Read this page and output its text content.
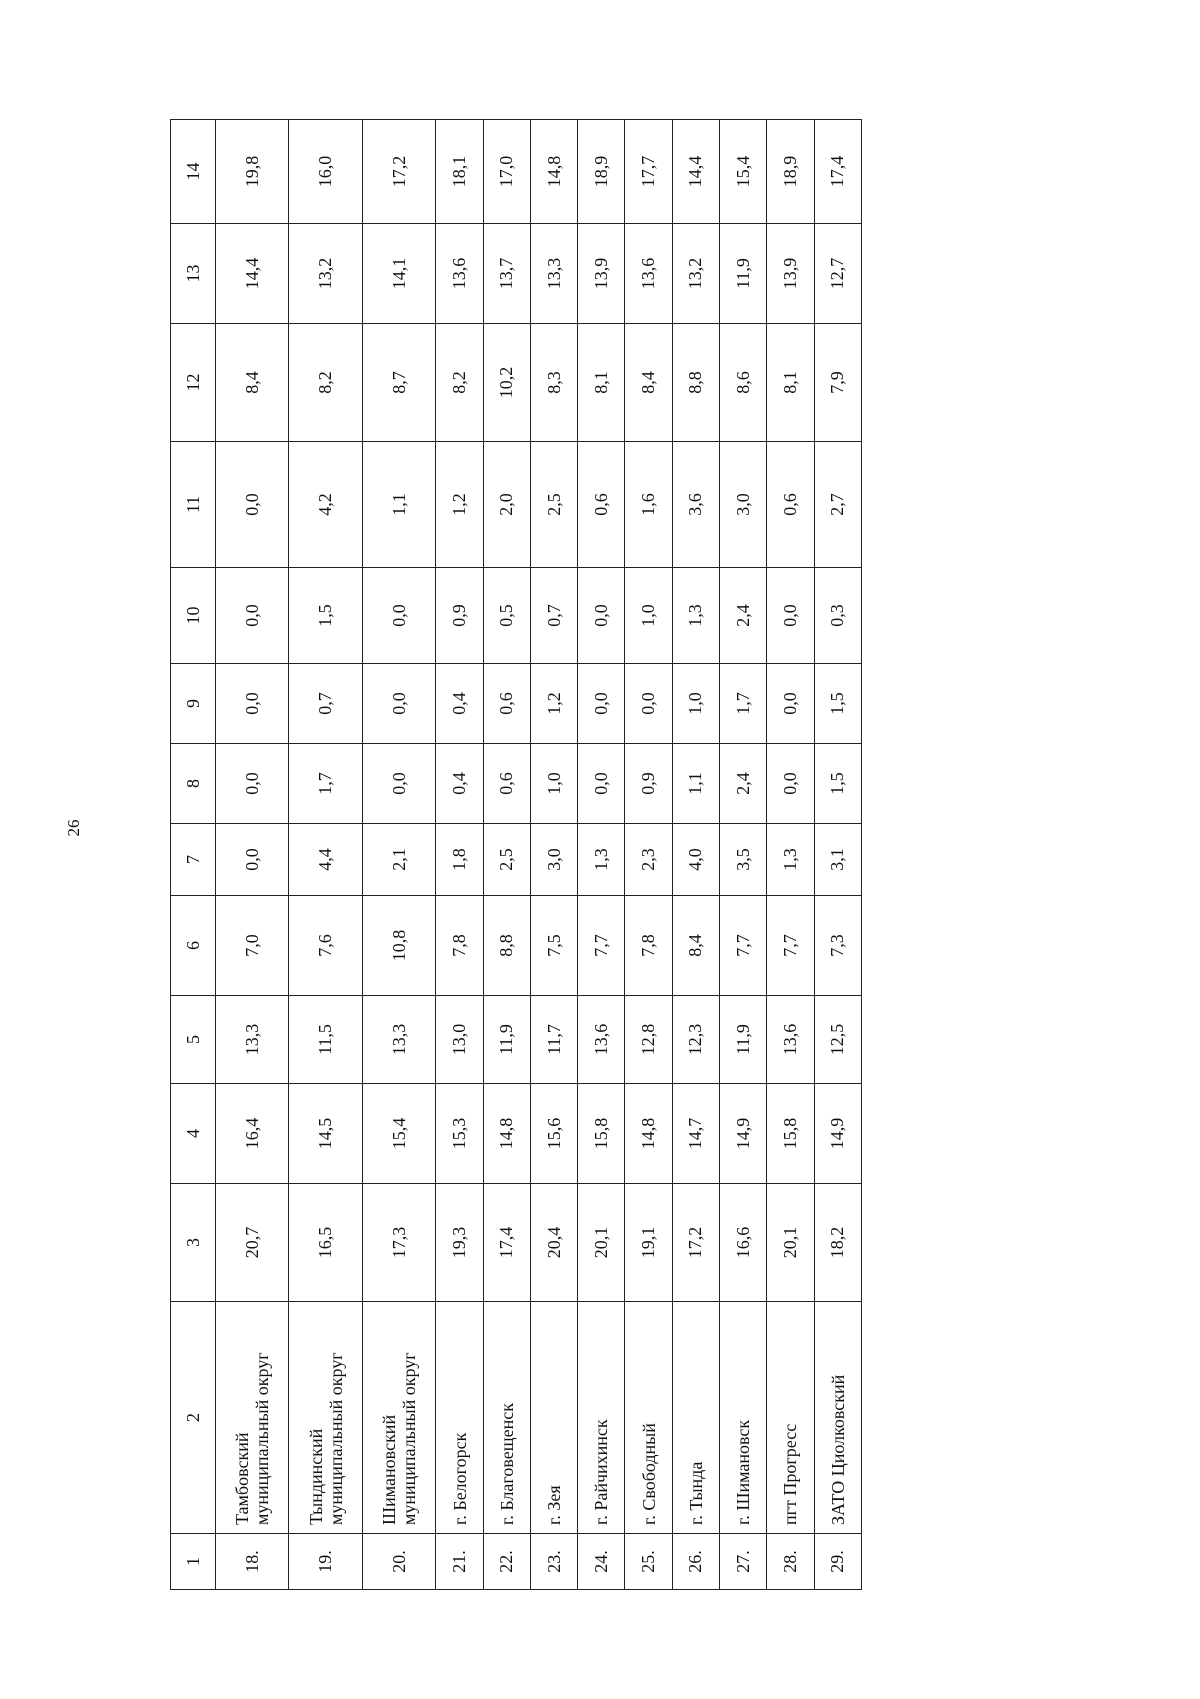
26
1	2	3	4	5	6	7	8	9	10	11	12	13	14
18.	Тамбовский муниципальный округ	20,7	16,4	13,3	7,0	0,0	0,0	0,0	0,0	0,0	8,4	14,4	19,8
19.	Тындинский муниципальный округ	16,5	14,5	11,5	7,6	4,4	1,7	0,7	1,5	4,2	8,2	13,2	16,0
20.	Шимановский муниципальный округ	17,3	15,4	13,3	10,8	2,1	0,0	0,0	0,0	1,1	8,7	14,1	17,2
21.	г. Белогорск	19,3	15,3	13,0	7,8	1,8	0,4	0,4	0,9	1,2	8,2	13,6	18,1
22.	г. Благовещенск	17,4	14,8	11,9	8,8	2,5	0,6	0,6	0,5	2,0	10,2	13,7	17,0
23.	г. Зея	20,4	15,6	11,7	7,5	3,0	1,0	1,2	0,7	2,5	8,3	13,3	14,8
24.	г. Райчихинск	20,1	15,8	13,6	7,7	1,3	0,0	0,0	0,0	0,6	8,1	13,9	18,9
25.	г. Свободный	19,1	14,8	12,8	7,8	2,3	0,9	0,0	1,0	1,6	8,4	13,6	17,7
26.	г. Тында	17,2	14,7	12,3	8,4	4,0	1,1	1,0	1,3	3,6	8,8	13,2	14,4
27.	г. Шимановск	16,6	14,9	11,9	7,7	3,5	2,4	1,7	2,4	3,0	8,6	11,9	15,4
28.	пгт Прогресс	20,1	15,8	13,6	7,7	1,3	0,0	0,0	0,0	0,6	8,1	13,9	18,9
29.	ЗАТО Циолковский	18,2	14,9	12,5	7,3	3,1	1,5	1,5	0,3	2,7	7,9	12,7	17,4
